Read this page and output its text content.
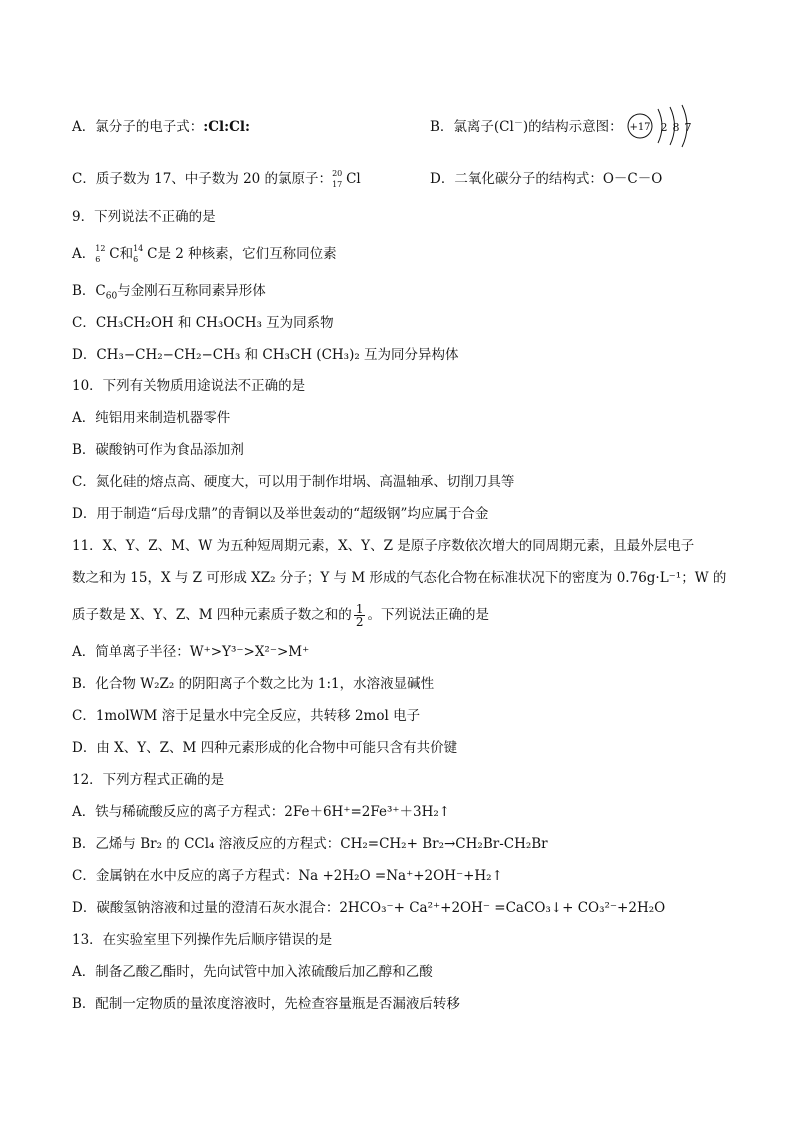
A．氯分子的电子式：:Cl:Cl:	B．氯离子(Cl－)的结构示意图： +17 2 8 7
C．质子数为 17、中子数为 20 的氯原子： 20
17 Cl	D．二氧化碳分子的结构式：O－C－O
9．下列说法不正确的是
A． 12
6 C和 14
6 C是 2 种核素，它们互称同位素
B．$C_{60}$与金刚石互称同素异形体
C．CH₃CH₂OH 和 CH₃OCH₃ 互为同系物
D．CH₃−CH₂−CH₂−CH₃ 和 CH₃CH (CH₃)₂ 互为同分异构体
10．下列有关物质用途说法不正确的是
A．纯铝用来制造机器零件
B．碳酸钠可作为食品添加剂
C．氮化硅的熔点高、硬度大，可以用于制作坩埚、高温轴承、切削刀具等
D．用于制造“后母戊鼎”的青铜以及举世轰动的“超级钢”均应属于合金
11．X、Y、Z、M、W 为五种短周期元素，X、Y、Z 是原子序数依次增大的同周期元素，且最外层电子
数之和为 15，X 与 Z 可形成 XZ₂ 分子；Y 与 M 形成的气态化合物在标准状况下的密度为 0.76g·L⁻¹；W 的
质子数是 X、Y、Z、M 四种元素质子数之和的 $\frac{1}{2}$ 。下列说法正确的是
A．简单离子半径：W⁺>Y³⁻>X²⁻>M⁺
B．化合物 W₂Z₂ 的阴阳离子个数之比为 1:1，水溶液显碱性
C．1molWM 溶于足量水中完全反应，共转移 2mol 电子
D．由 X、Y、Z、M 四种元素形成的化合物中可能只含有共价键
12．下列方程式正确的是
A．铁与稀硫酸反应的离子方程式：2Fe＋6H⁺=2Fe³⁺＋3H₂↑
B．乙烯与 Br₂ 的 CCl₄ 溶液反应的方程式：CH₂=CH₂+ Br₂→CH₂Br-CH₂Br
C．金属钠在水中反应的离子方程式：Na +2H₂O =Na⁺+2OH⁻+H₂↑
D．碳酸氢钠溶液和过量的澄清石灰水混合：2HCO₃⁻+ Ca²⁺+2OH⁻ =CaCO₃↓+ CO₃²⁻+2H₂O
13．在实验室里下列操作先后顺序错误的是
A．制备乙酸乙酯时，先向试管中加入浓硫酸后加乙醇和乙酸
B．配制一定物质的量浓度溶液时，先检查容量瓶是否漏液后转移
